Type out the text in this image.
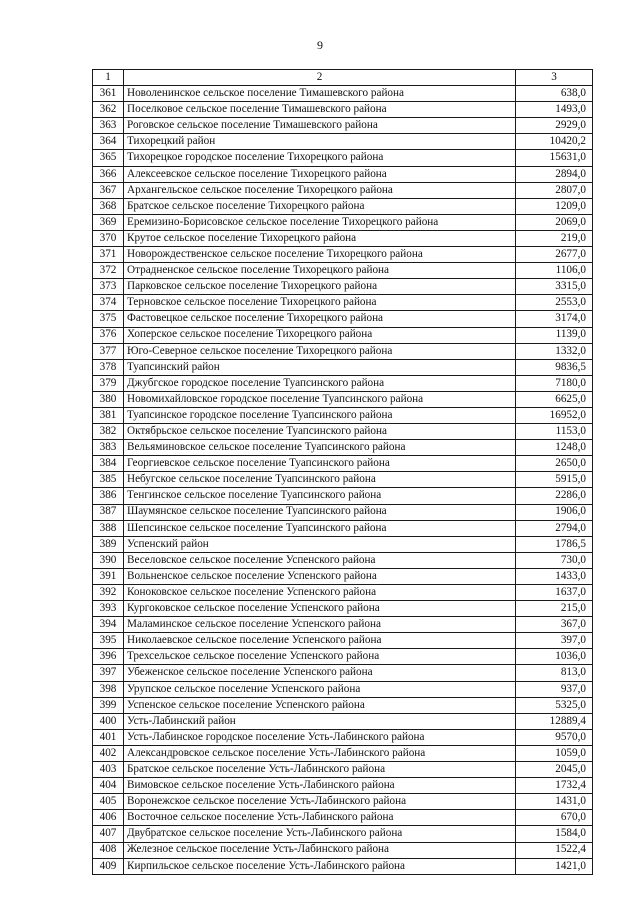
9
1	2	3
361	Новоленинское сельское поселение Тимашевского района	638,0
362	Поселковое сельское поселение Тимашевского района	1493,0
363	Роговское сельское поселение Тимашевского района	2929,0
364	Тихорецкий район	10420,2
365	Тихорецкое городское поселение Тихорецкого района	15631,0
366	Алексеевское сельское поселение Тихорецкого района	2894,0
367	Архангельское сельское поселение Тихорецкого района	2807,0
368	Братское сельское поселение Тихорецкого района	1209,0
369	Еремизино-Борисовское сельское поселение Тихорецкого района	2069,0
370	Крутое сельское поселение Тихорецкого района	219,0
371	Новорождественское сельское поселение Тихорецкого района	2677,0
372	Отрадненское сельское поселение Тихорецкого района	1106,0
373	Парковское сельское поселение Тихорецкого района	3315,0
374	Терновское сельское поселение Тихорецкого района	2553,0
375	Фастовецкое сельское поселение Тихорецкого района	3174,0
376	Хоперское сельское поселение Тихорецкого района	1139,0
377	Юго-Северное сельское поселение Тихорецкого района	1332,0
378	Туапсинский район	9836,5
379	Джубгское городское поселение Туапсинского района	7180,0
380	Новомихайловское городское поселение Туапсинского района	6625,0
381	Туапсинское городское поселение Туапсинского района	16952,0
382	Октябрьское сельское поселение Туапсинского района	1153,0
383	Вельяминовское сельское поселение Туапсинского района	1248,0
384	Георгиевское сельское поселение Туапсинского района	2650,0
385	Небугское сельское поселение Туапсинского района	5915,0
386	Тенгинское сельское поселение Туапсинского района	2286,0
387	Шаумянское сельское поселение Туапсинского района	1906,0
388	Шепсинское сельское поселение Туапсинского района	2794,0
389	Успенский район	1786,5
390	Веселовское сельское поселение Успенского района	730,0
391	Вольненское сельское поселение Успенского района	1433,0
392	Коноковское сельское поселение Успенского района	1637,0
393	Кургоковское сельское поселение Успенского района	215,0
394	Маламинское сельское поселение Успенского района	367,0
395	Николаевское сельское поселение Успенского района	397,0
396	Трехсельское сельское поселение Успенского района	1036,0
397	Убеженское сельское поселение Успенского района	813,0
398	Урупское сельское поселение Успенского района	937,0
399	Успенское сельское поселение Успенского района	5325,0
400	Усть-Лабинский район	12889,4
401	Усть-Лабинское городское поселение Усть-Лабинского района	9570,0
402	Александровское сельское поселение Усть-Лабинского района	1059,0
403	Братское сельское поселение Усть-Лабинского района	2045,0
404	Вимовское сельское поселение Усть-Лабинского района	1732,4
405	Воронежское сельское поселение Усть-Лабинского района	1431,0
406	Восточное сельское поселение Усть-Лабинского района	670,0
407	Двубратское сельское поселение Усть-Лабинского района	1584,0
408	Железное сельское поселение Усть-Лабинского района	1522,4
409	Кирпильское сельское поселение Усть-Лабинского района	1421,0
